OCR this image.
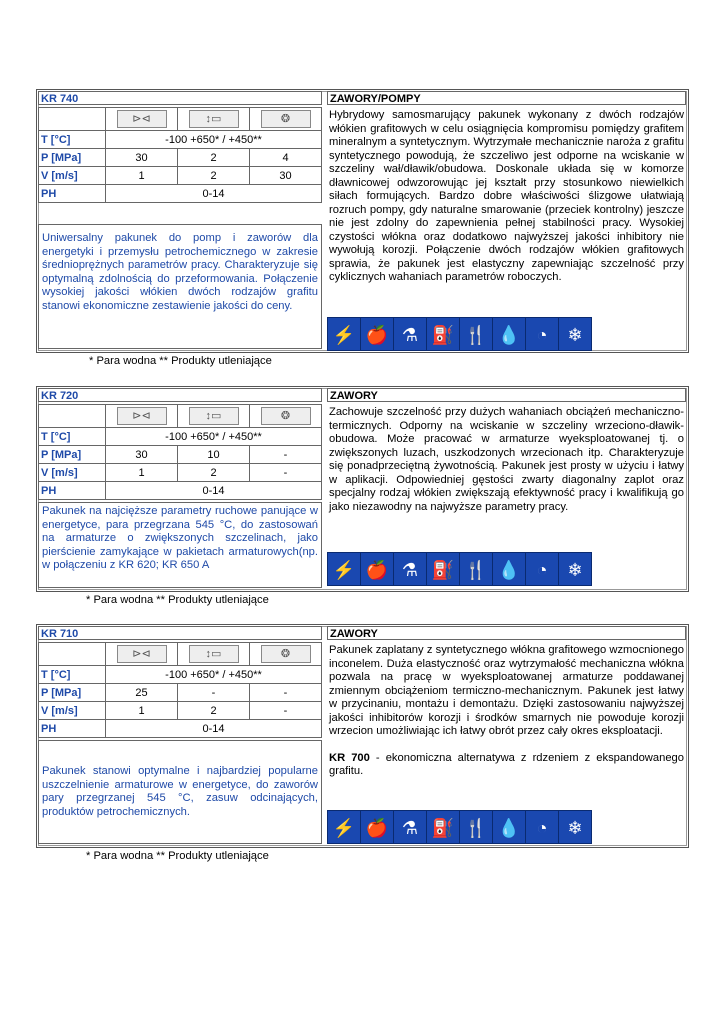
KR 740
	⊳⊲	↕▭	❂
T [°C]	-100 +650* / +450**		
P [MPa]	30	2	4
V [m/s]	1	2	30
PH	0-14		
Uniwersalny pakunek do pomp i zaworów dla energetyki i przemysłu petrochemicznego w zakresie średnioprężnych parametrów pracy. Charakteryzuje się optymalną zdolnością do przeformowania. Połączenie wysokiej jakości włókien dwóch rodzajów grafitu stanowi ekonomiczne zestawienie jakości do ceny.
ZAWORY/POMPY
Hybrydowy samosmarujący pakunek wykonany z dwóch rodzajów włókien grafitowych w celu osiągnięcia kompromisu pomiędzy grafitem mineralnym a syntetycznym. Wytrzymałe mechanicznie naroża z grafitu syntetycznego powodują, że szczeliwo jest odporne na wciskanie w szczeliny wał/dławik/obudowa. Doskonale układa się w komorze dławnicowej odwzorowując jej kształt przy stosunkowo niewielkich siłach formujących. Bardzo dobre właściwości ślizgowe ułatwiają rozruch pompy, gdy naturalne smarowanie (przeciek kontrolny) jeszcze nie jest zdolny do zapewnienia pełnej stabilności pracy. Wysokiej czystości włókna oraz dodatkowo najwyższej jakości inhibitory nie wywołują korozji. Połączenie dwóch rodzajów włókien grafitowych sprawia, że pakunek jest elastyczny zapewniając szczelność przy cyklicznych wahaniach parametrów roboczych.
⚡ 🍎 ⚗ ⛽ 🍴 💧 ◔	❄
* Para wodna ** Produkty utleniające
KR 720
	⊳⊲	↕▭	❂
T [°C]	-100 +650* / +450**		
P [MPa]	30	10	-
V [m/s]	1	2	-
PH	0-14		
Pakunek na najcięższe parametry ruchowe panujące w energetyce, para przegrzana 545 °C, do zastosowań na armaturze o zwiększonych szczelinach, jako pierścienie zamykające w pakietach armaturowych(np. w połączeniu z KR 620; KR 650 A
ZAWORY
Zachowuje szczelność przy dużych wahaniach obciążeń mechaniczno-termicznych. Odporny na wciskanie w szczeliny wrzeciono-dławik-obudowa. Może pracować w armaturze wyeksploatowanej tj. o zwiększonych luzach, uszkodzonych wrzecionach itp. Charakteryzuje się ponadprzeciętną żywotnością. Pakunek jest prosty w użyciu i łatwy w aplikacji. Odpowiedniej gęstości zwarty diagonalny zaplot oraz specjalny rodzaj włókien zwiększają efektywność pracy i kwalifikują go jako niezawodny na najwyższe parametry pracy.
⚡ 🍎 ⚗ ⛽ 🍴 💧 ◔	❄
* Para wodna ** Produkty utleniające
KR 710
	⊳⊲	↕▭	❂
T [°C]	-100 +650* / +450**		
P [MPa]	25	-	-
V [m/s]	1	2	-
PH	0-14		
Pakunek stanowi optymalne i najbardziej popularne uszczelnienie armaturowe w energetyce, do zaworów pary przegrzanej 545 °C, zasuw odcinających, produktów petrochemicznych.
ZAWORY
Pakunek zaplatany z syntetycznego włókna grafitowego wzmocnionego inconelem. Duża elastyczność oraz wytrzymałość mechaniczna włókna pozwala na pracę w wyeksploatowanej armaturze poddawanej zmiennym obciążeniom termiczno-mechanicznym. Pakunek jest łatwy w przycinaniu, montażu i demontażu. Dzięki zastosowaniu najwyższej jakości inhibitorów korozji i środków smarnych nie powoduje korozji wrzecion umożliwiając ich łatwy obrót przez cały okres eksploatacji.
KR 700 - ekonomiczna alternatywa z rdzeniem z ekspandowanego grafitu.
⚡ 🍎 ⚗ ⛽ 🍴 💧 ◔	❄
* Para wodna ** Produkty utleniające
